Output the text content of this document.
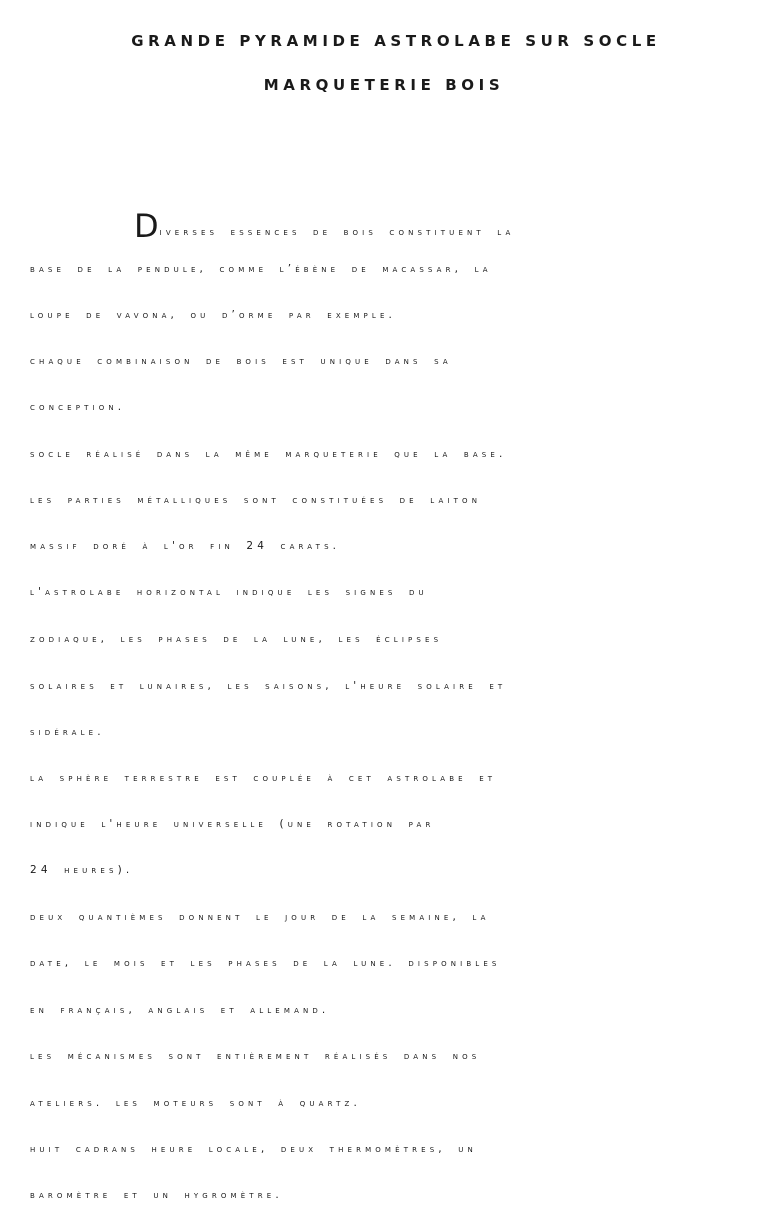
GRANDE PYRAMIDE ASTROLABE SUR SOCLE
MARQUETERIE BOIS
Diverses essences de bois constituent la
base de la pendule, comme l’ébène de macassar, la
loupe de vavona, ou d’orme par exemple.
chaque combinaison de bois est unique dans sa
conception.
socle réalisé dans la même marqueterie que la base.
les parties métalliques sont constituées de laiton
massif doré à l'or fin 24 carats.
l'astrolabe horizontal indique les signes du
zodiaque, les phases de la lune, les éclipses
solaires et lunaires, les saisons, l'heure solaire et
sidérale.
la sphère terrestre est couplée à cet astrolabe et
indique l'heure universelle (une rotation par
24 heures).
deux quantièmes donnent le jour de la semaine, la
date, le mois et les phases de la lune. disponibles
en français, anglais et allemand.
les mécanismes sont entièrement réalisés dans nos
ateliers. les moteurs sont à quartz.
huit cadrans heure locale, deux thermomètres, un
baromètre et un hygromètre.
